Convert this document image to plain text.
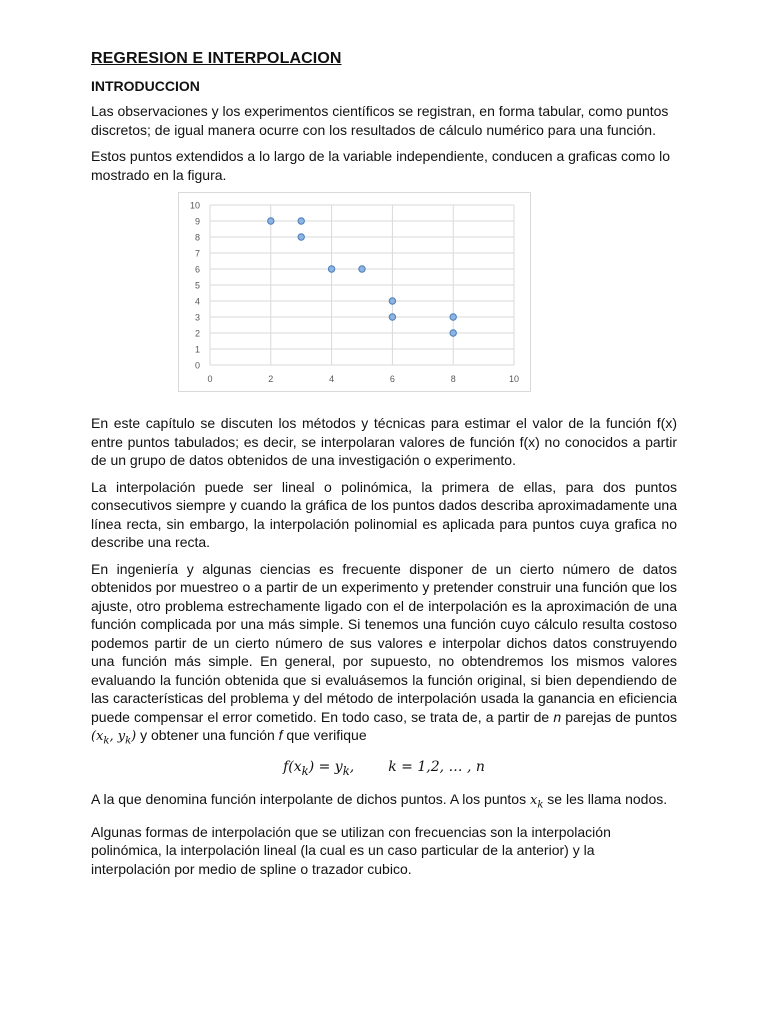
REGRESION E INTERPOLACION
INTRODUCCION

Las observaciones y los experimentos científicos se registran, en forma tabular, como puntos discretos; de igual manera ocurre con los resultados de cálculo numérico para una función.

Estos puntos extendidos a lo largo de la variable independiente, conducen a graficas como lo mostrado en la figura.

0
1
2
3
4
5
6
7
8
9
10
0	2	4	6	8	10

En este capítulo se discuten los métodos y técnicas para estimar el valor de la función f(x) entre puntos tabulados; es decir, se interpolaran valores de función f(x) no conocidos a partir de un grupo de datos obtenidos de una investigación o experimento.

La interpolación puede ser lineal o polinómica, la primera de ellas, para dos puntos consecutivos siempre y cuando la gráfica de los puntos dados describa aproximadamente una línea recta, sin embargo, la interpolación polinomial es aplicada para puntos cuya grafica no describe una recta.

En ingeniería y algunas ciencias es frecuente disponer de un cierto número de datos obtenidos por muestreo o a partir de un experimento y pretender construir una función que los ajuste, otro problema estrechamente ligado con el de interpolación es la aproximación de una función complicada por una más simple. Si tenemos una función cuyo cálculo resulta costoso podemos partir de un cierto número de sus valores e interpolar dichos datos construyendo una función más simple. En general, por supuesto, no obtendremos los mismos valores evaluando la función obtenida que si evaluásemos la función original, si bien dependiendo de las características del problema y del método de interpolación usada la ganancia en eficiencia puede compensar el error cometido. En todo caso, se trata de, a partir de n parejas de puntos ($x_k$, $y_k$) y obtener una función f que verifique

$f(x_k) = y_k$, k = 1,2, … , n

A la que denomina función interpolante de dichos puntos. A los puntos $x_k$ se les llama nodos.

Algunas formas de interpolación que se utilizan con frecuencias son la interpolación polinómica, la interpolación lineal (la cual es un caso particular de la anterior) y la interpolación por medio de spline o trazador cubico.
